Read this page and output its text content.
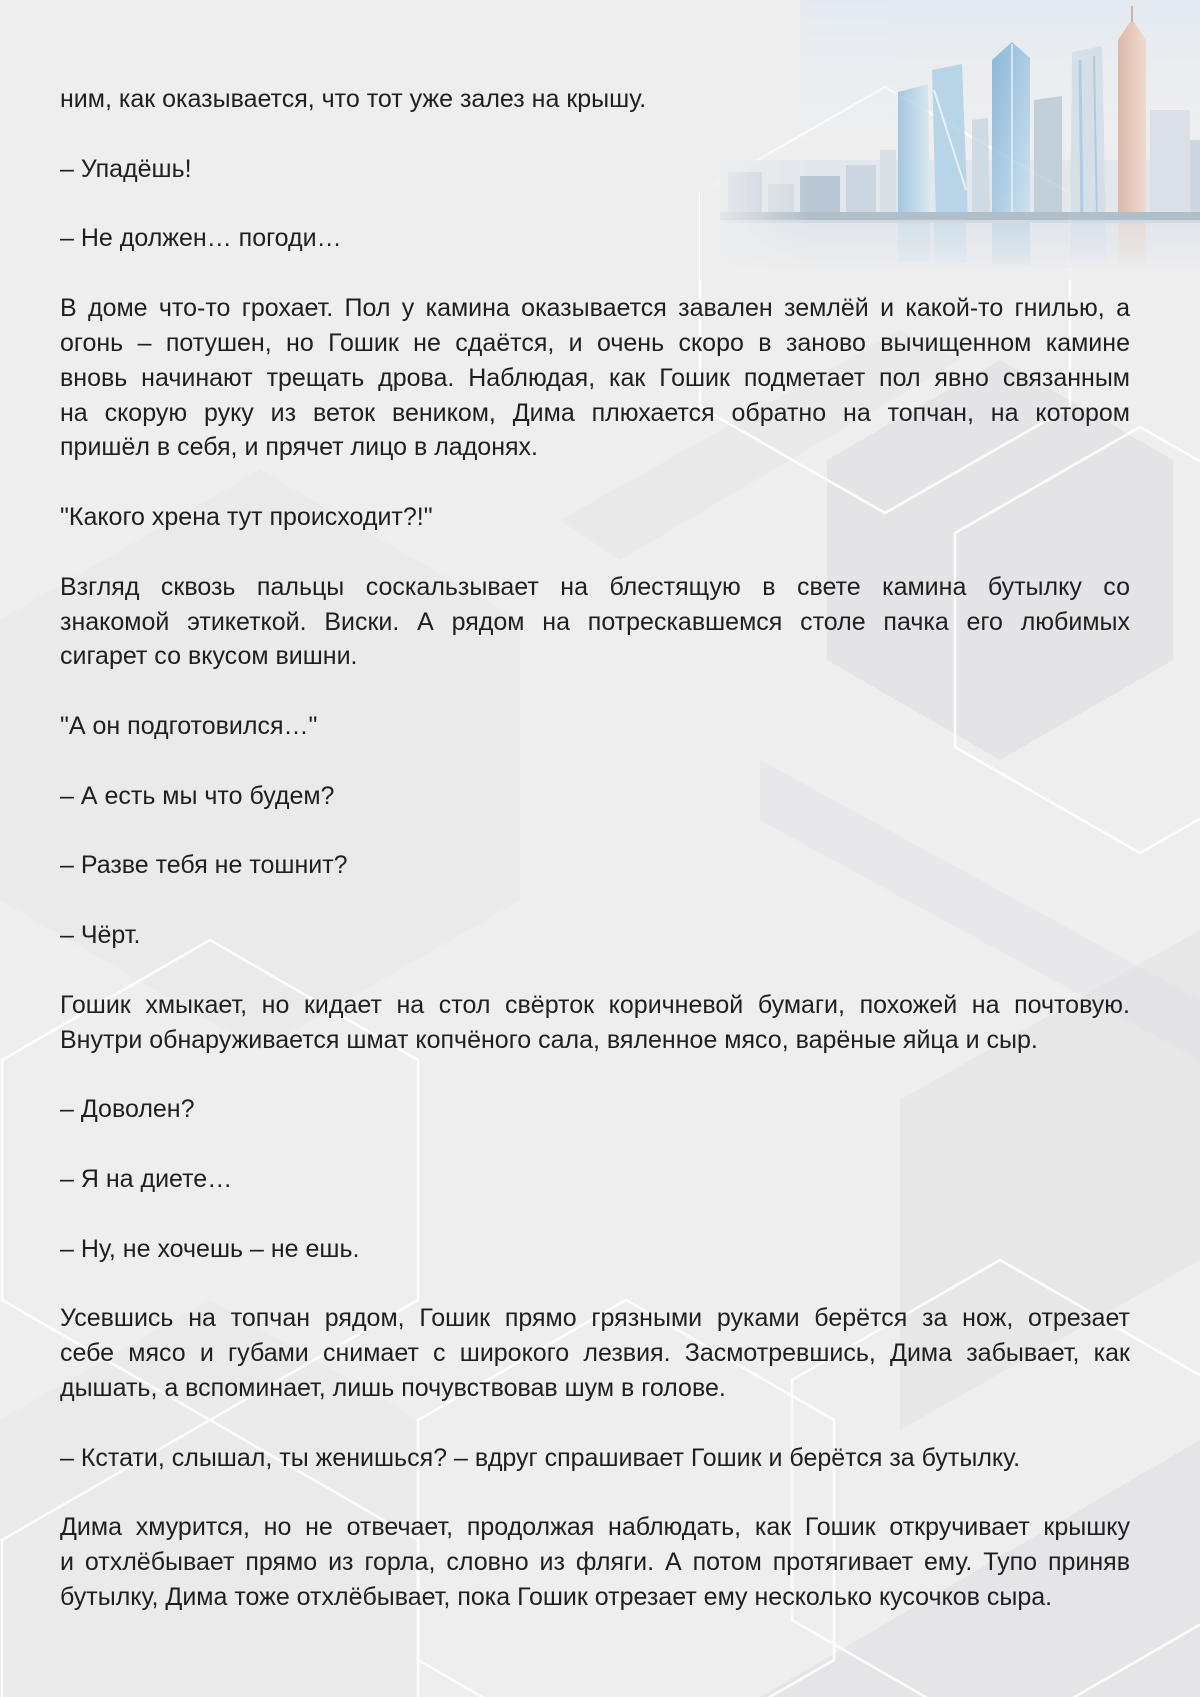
ним, как оказывается, что тот уже залез на крышу.
– Упадёшь!
– Не должен… погоди…
В доме что-то грохает. Пол у камина оказывается завален землёй и какой-то гнилью, а
огонь – потушен, но Гошик не сдаётся, и очень скоро в заново вычищенном камине
вновь начинают трещать дрова. Наблюдая, как Гошик подметает пол явно связанным
на скорую руку из веток веником, Дима плюхается обратно на топчан, на котором
пришёл в себя, и прячет лицо в ладонях.
"Какого хрена тут происходит?!"
Взгляд сквозь пальцы соскальзывает на блестящую в свете камина бутылку со
знакомой этикеткой. Виски. А рядом на потрескавшемся столе пачка его любимых
сигарет со вкусом вишни.
"А он подготовился…"
– А есть мы что будем?
– Разве тебя не тошнит?
– Чёрт.
Гошик хмыкает, но кидает на стол свёрток коричневой бумаги, похожей на почтовую.
Внутри обнаруживается шмат копчёного сала, вяленное мясо, варёные яйца и сыр.
– Доволен?
– Я на диете…
– Ну, не хочешь – не ешь.
Усевшись на топчан рядом, Гошик прямо грязными руками берётся за нож, отрезает
себе мясо и губами снимает с широкого лезвия. Засмотревшись, Дима забывает, как
дышать, а вспоминает, лишь почувствовав шум в голове.
– Кстати, слышал, ты женишься? – вдруг спрашивает Гошик и берётся за бутылку.
Дима хмурится, но не отвечает, продолжая наблюдать, как Гошик откручивает крышку
и отхлёбывает прямо из горла, словно из фляги. А потом протягивает ему. Тупо приняв
бутылку, Дима тоже отхлёбывает, пока Гошик отрезает ему несколько кусочков сыра.
